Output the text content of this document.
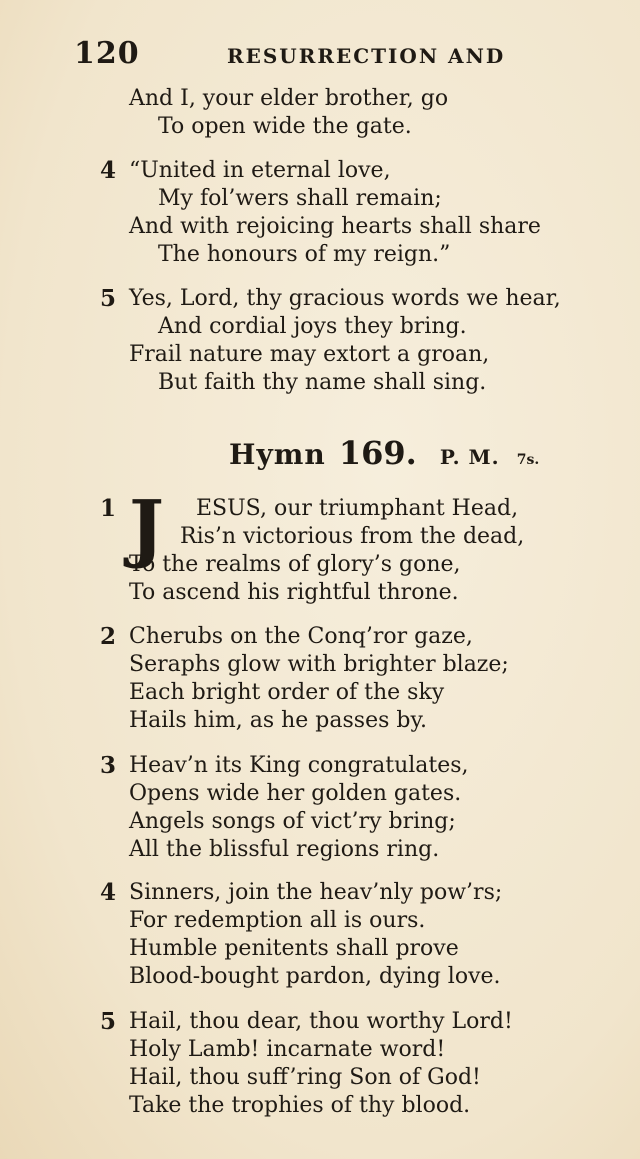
120	RESURRECTION AND
And I, your elder brother, go
To open wide the gate.
4 “United in eternal love,
My fol’wers shall remain;
And with rejoicing hearts shall share
The honours of my reign.”
5 Yes, Lord, thy gracious words we hear,
And cordial joys they bring.
Frail nature may extort a groan,
But faith thy name shall sing.
Hymn 169. P. M. 7s.
1 J ESUS, our triumphant Head,
Ris’n victorious from the dead,
To the realms of glory’s gone,
To ascend his rightful throne.
2 Cherubs on the Conq’ror gaze,
Seraphs glow with brighter blaze;
Each bright order of the sky
Hails him, as he passes by.
3 Heav’n its King congratulates,
Opens wide her golden gates.
Angels songs of vict’ry bring;
All the blissful regions ring.
4 Sinners, join the heav’nly pow’rs;
For redemption all is ours.
Humble penitents shall prove
Blood-bought pardon, dying love.
5 Hail, thou dear, thou worthy Lord!
Holy Lamb! incarnate word!
Hail, thou suff’ring Son of God!
Take the trophies of thy blood.
